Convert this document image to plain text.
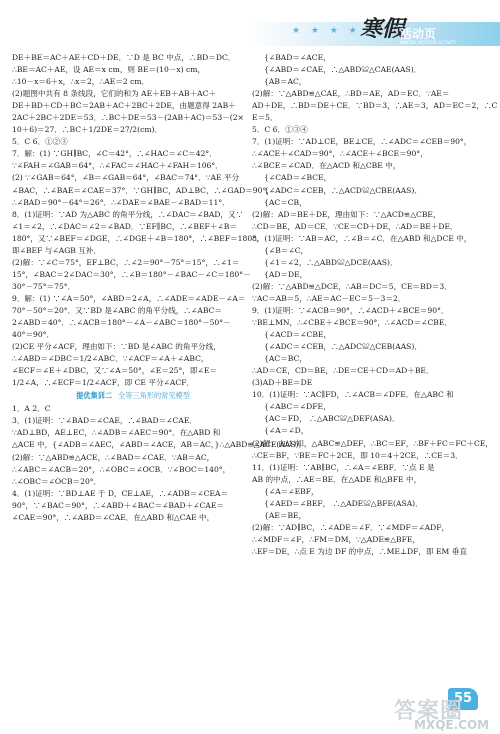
★ ★ ★ ★ 寒假
活动页
WINTER VACATION ACTIVITY
DE＋BE＝AC＋AE＋CD＋DE．∵D 是 BC 中点，∴BD＝DC．
∴BE＝AC＋AE，设 AE＝x cm，则 BE＝(10－x) cm，
∴10－x＝6＋x，∴x＝2，∴AE＝2 cm．
(2)题图中共有 8 条线段，它们的和为 AE＋EB＋AB＋AC＋
DE＋BD＋CD＋BC＝2AB＋AC＋2BC＋2DE，由题意得 2AB＋
2AC＋2BC＋2DE＝53．∴BC＋DE＝53－(2AB＋AC)＝53－(2×
10＋6)＝27．∴BC＋1/2DE＝27/2(cm)．
5．C 6．①②③
7．解：(1) ∵GH∥BC，∠C＝42°，∴∠HAC＝∠C＝42°．
∵∠FAH＝∠GAB＝64°，∴∠FAC＝∠HAC＋∠FAH＝106°．
(2) ∵∠GAB＝64°，∠B＝∠GAB＝64°，∠BAC＝74°．∵AE 平分
∠BAC，∴∠BAE＝∠CAE＝37°．∵GH∥BC，AD⊥BC，∴∠GAD＝90°，
∴∠BAD＝90°－64°＝26°．∴∠DAE＝∠BAE－∠BAD＝11°．
8．(1)证明：∵AD 为△ABC 的角平分线，∴∠DAC＝∠BAD，又∵
∠1＝∠2，∴∠DAC＝∠2＝∠BAD．∵EF∥BC，∴∠BEF＋∠B＝
180°，又∵∠BEF＝∠DGE，∴∠DGE＋∠B＝180°，∴∠BEF＝180°，
即∠BEF 与∠AGB 互补．
(2)解：∵∠C＝75°，EF⊥BC，∴∠2＝90°－75°＝15°，∴∠1＝
15°，∠BAC＝2∠DAC＝30°，∴∠B＝180°－∠BAC－∠C＝180°－
30°－75°＝75°．
9．解：(1) ∵∠A＝50°，∠ABD＝2∠A，∴∠ADE＝∠ADE－∠A＝
70°－50°＝20°．又∵BD 是∠ABC 的角平分线，∴∠ABC＝
2∠ABD＝40°．∴∠ACB＝180°－∠A－∠ABC＝180°－50°－
40°＝90°．
(2)CE 平分∠ACF，理由如下：∵BD 是∠ABC 的角平分线，
∴∠ABD＝∠DBC＝1/2∠ABC．∵∠ACF＝∠A＋∠ABC，
∠ECF＝∠E＋∠DBC，又∵∠A＝50°，∠E＝25°，即∠E＝
1/2∠A，∴∠ECF＝1/2∠ACF，即 CE 平分∠ACF．
提优集训二 全等三角形的常见模型
1．A 2．C
3．(1)证明：∵∠BAD＝∠CAE，∴∠BAD＝∠CAE．
∵AD⊥BD，AE⊥EC，∴∠ADB＝∠AEC＝90°．在△ABD 和
△ACE 中，{∠ADB＝∠AEC，∠ABD＝∠ACE，AB＝AC，}∴△ABD≌△ACE(AAS)．
(2)解：∵△ABD≌△ACE，∴∠BAD＝∠CAE．∵AB＝AC，
∴∠ABC＝∠ACB＝20°，∴∠OBC＝∠OCB．∵∠BOC＝140°，
∴∠OBC＝∠OCB＝20°．
4．(1)证明：∵BD⊥AE 于 D，CE⊥AE，∴∠ADB＝∠CEA＝
90°，∵∠BAC＝90°，∴∠ABD＋∠BAC＝∠BAD＋∠CAE＝
∠CAE＝90°，∴∠ABD＝∠CAE．在△ABD 和△CAE 中，
{∠BAD＝∠ACE，
{∠ABD＝∠CAE，∴△ABD≌△CAE(AAS)．
{AB＝AC，
(2)解：∵△ABD≌△CAE，∴BD＝AE，AD＝EC．∵AE＝
AD＋DE，∴BD＝DE＋CE．∵BD＝3，∴AE＝3，AD＝EC＝2，∴C
E＝5．
5．C 6．①③④
7．(1)证明：∵AD⊥CE，BE⊥CE，∴∠ADC＝∠CEB＝90°，
∴∠ACE＋∠CAD＝90°，∴∠ACE＋∠BCE＝90°，
∴∠BCE＝∠CAD．在△ACD 和△CBE 中，
{∠CAD＝∠BCE，
{∠ADC＝∠CEB，∴△ACD≌△CBE(AAS)．
{AC＝CB，
(2)解：AD＝BE＋DE，理由如下：∵△ACD≌△CBE，
∴CD＝BE，AD＝CE．∵CE＝CD＋DE，∴AD＝BE＋DE．
8．(1)证明：∵AB＝AC，∴∠B＝∠C．在△ABD 和△DCE 中，
{∠B＝∠C，
{∠1＝∠2，∴△ABD≌△DCE(AAS)．
{AD＝DE，
(2)解：∵△ABD≌△DCE，∴AB＝DC＝5，CE＝BD＝3．
∵AC＝AB＝5，∴AE＝AC－EC＝5－3＝2．
9．(1)证明：∵∠ACB＝90°，∴∠ACD＋∠BCE＝90°．
∵BE⊥MN，∴∠CBE＋∠BCE＝90°，∴∠ACD＝∠CBE．
{∠ACD＝∠CBE，
{∠ADC＝∠CEB，∴△ADC≌△CEB(AAS)．
{AC＝BC，
∴AD＝CE，CD＝BE，∴DE＝CE＋CD＝AD＋BE．
(3)AD＋BE＝DE
10．(1)证明：∵AC∥FD，∴∠ACB＝∠DFE．在△ABC 和
{∠ABC＝∠DFE，
{AC＝FD， ∴△ABC≌△DEF(ASA)．
{∠A＝∠D，
(2)解：由(1)知，△ABC≌△DEF，∴BC＝EF，∴BF＋FC＝FC＋CE，
∴CE＝BF，∵BE＝FC＋2CE，即 10＝4＋2CE，∴CE＝3．
11．(1)证明：∵AB∥BC，∴∠A＝∠EBF．∵点 E 是
AB 的中点，∴AE＝BE．在△ADE 和△BFE 中，
{∠A＝∠EBF，
{∠AED＝∠BEF， ∴△ADE≌△BFE(ASA)．
{AE＝BE，
(2)解：∵AD∥BC，∴∠ADE＝∠F．∵∠MDF＝∠ADF，
∴∠MDF＝∠F，∴FM＝DM，∵△ADE≌△BFE，
∴EF＝DE，∴点 E 为边 DF 的中点，∴ME⊥DF，即 EM 垂直
55
答案圈
MXQE.COM
